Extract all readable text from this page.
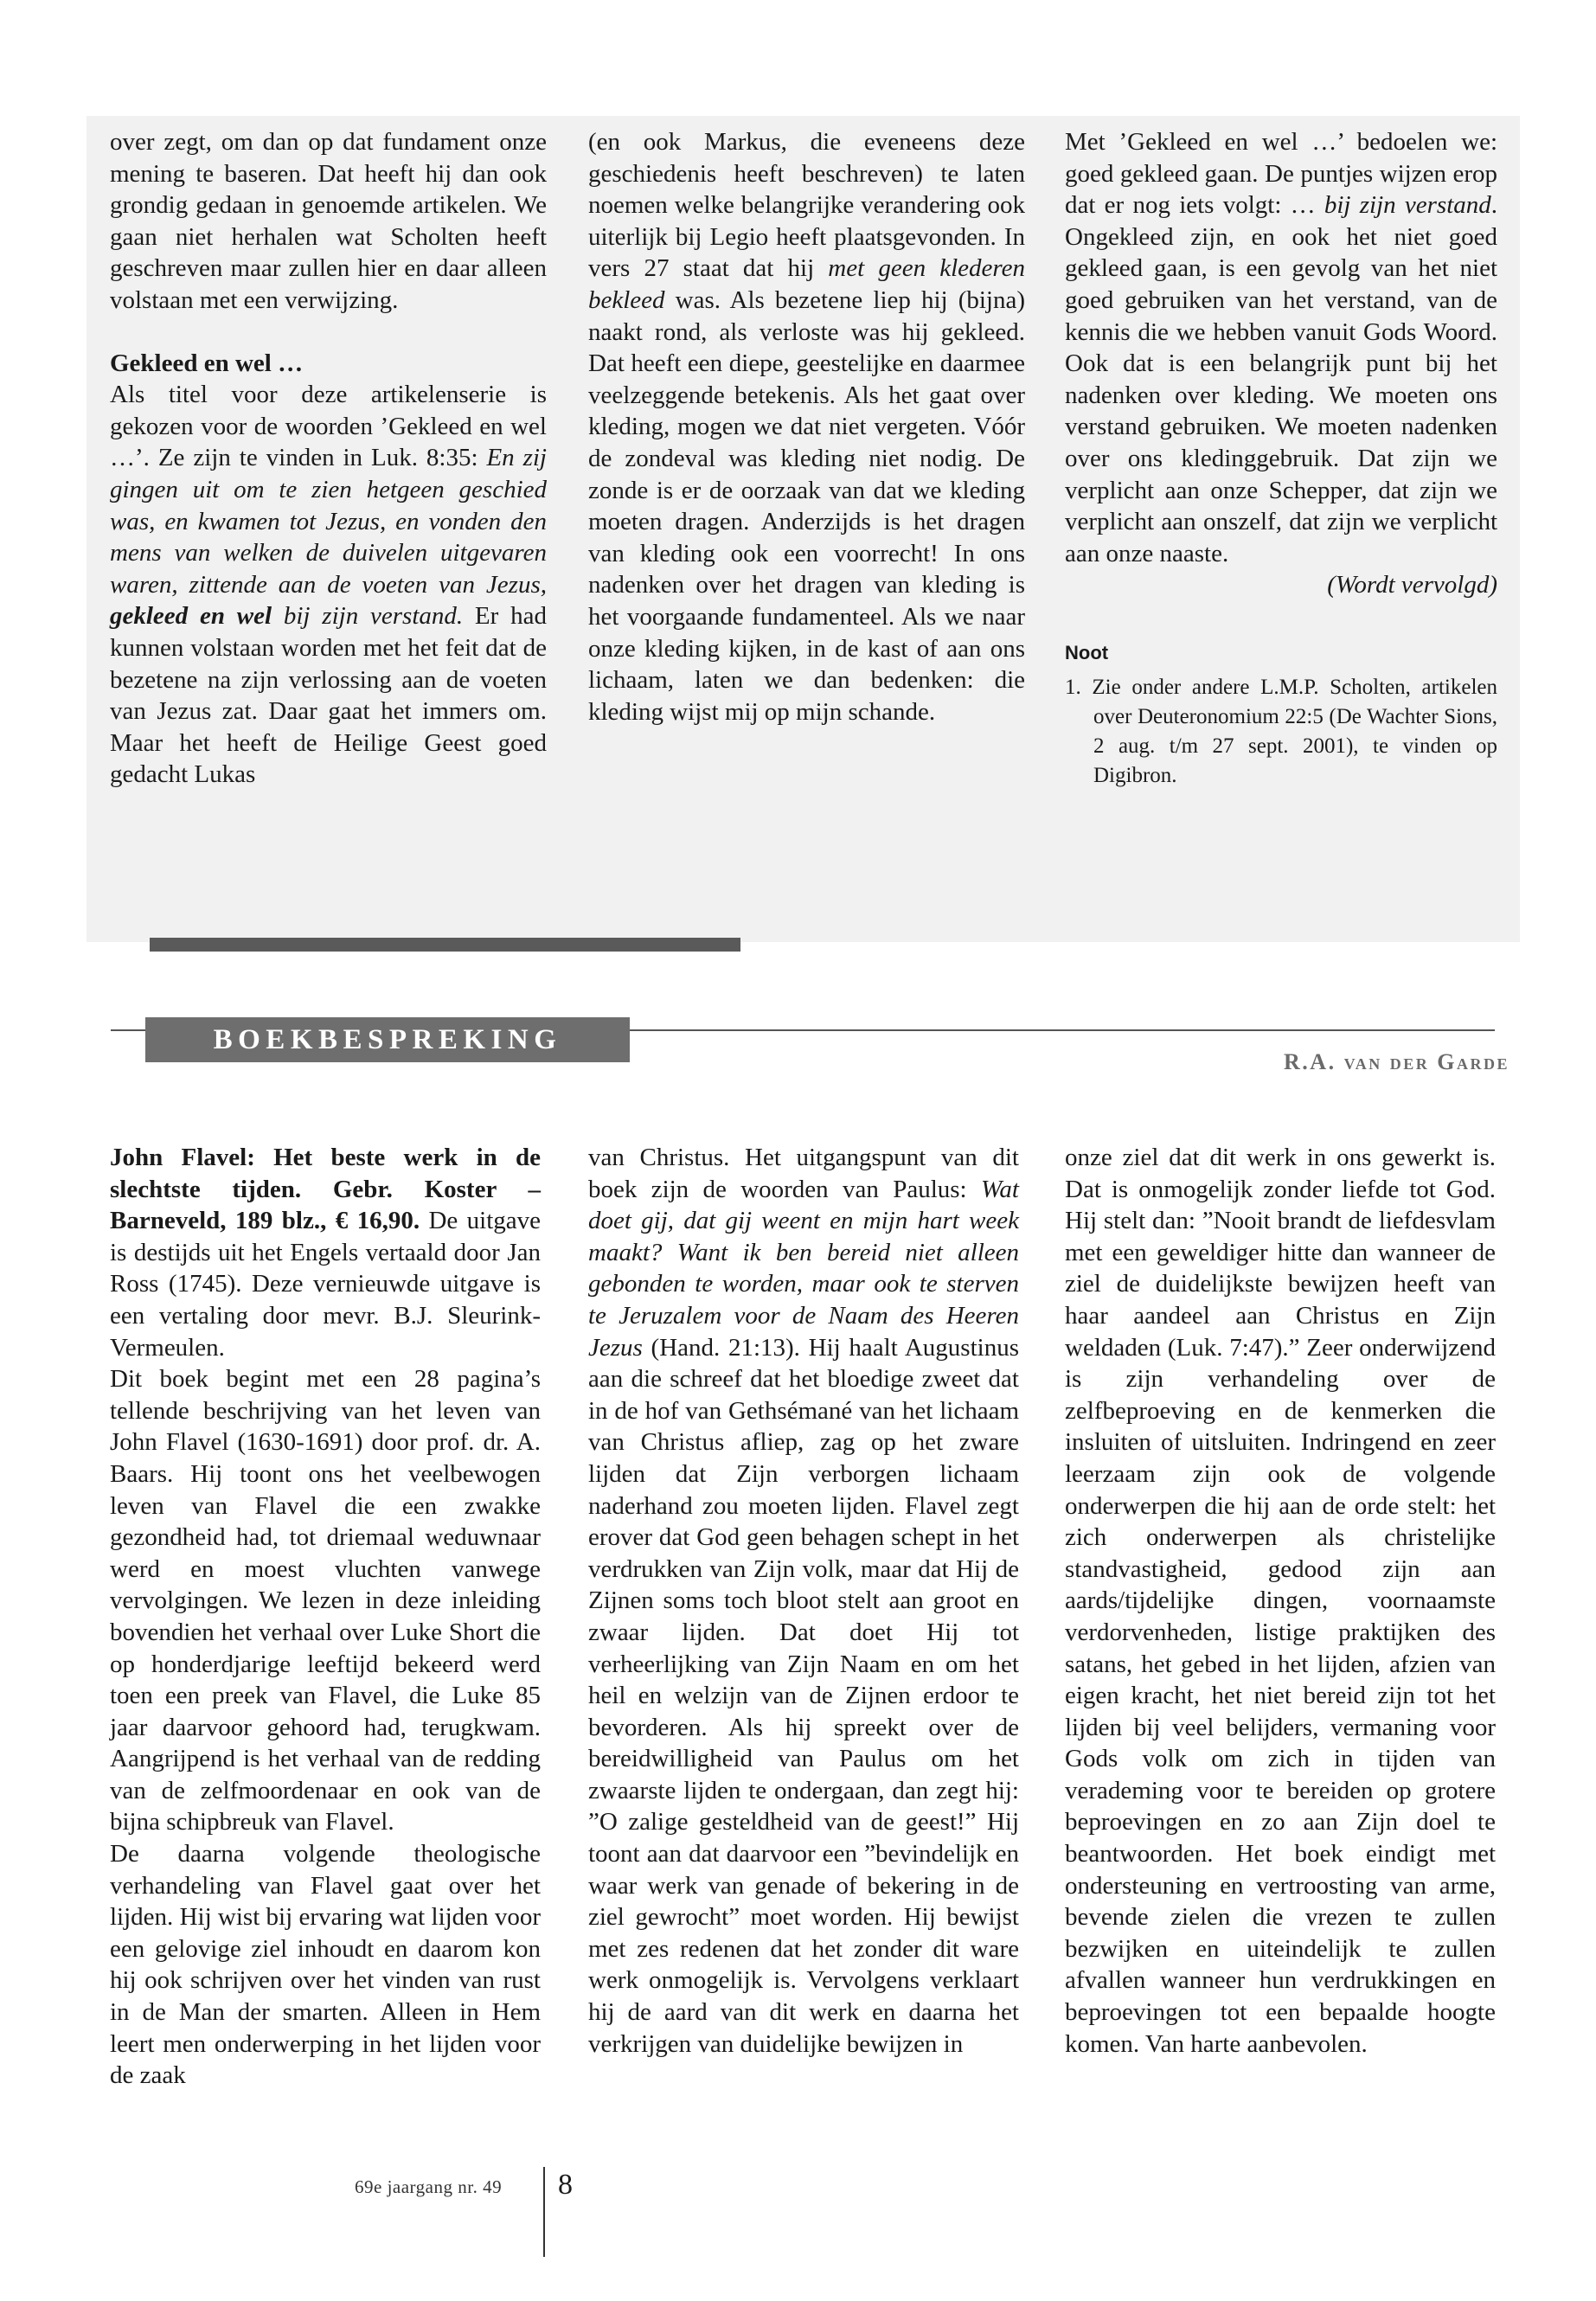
over zegt, om dan op dat fundament onze mening te baseren. Dat heeft hij dan ook grondig gedaan in genoemde artikelen. We gaan niet herhalen wat Scholten heeft geschreven maar zullen hier en daar alleen volstaan met een verwijzing.

Gekleed en wel …

Als titel voor deze artikelenserie is gekozen voor de woorden ’Gekleed en wel …’. Ze zijn te vinden in Luk. 8:35: En zij gingen uit om te zien hetgeen geschied was, en kwamen tot Jezus, en vonden den mens van welken de duivelen uitgevaren waren, zittende aan de voeten van Jezus, gekleed en wel bij zijn verstand. Er had kunnen volstaan worden met het feit dat de bezetene na zijn verlossing aan de voeten van Jezus zat. Daar gaat het immers om. Maar het heeft de Heilige Geest goed gedacht Lukas

(en ook Markus, die eveneens deze geschiedenis heeft beschreven) te laten noemen welke belangrijke verandering ook uiterlijk bij Legio heeft plaatsgevonden. In vers 27 staat dat hij met geen klederen bekleed was. Als bezetene liep hij (bijna) naakt rond, als verloste was hij gekleed. Dat heeft een diepe, geestelijke en daarmee veelzeggende betekenis. Als het gaat over kleding, mogen we dat niet vergeten. Vóór de zondeval was kleding niet nodig. De zonde is er de oorzaak van dat we kleding moeten dragen. Anderzijds is het dragen van kleding ook een voorrecht! In ons nadenken over het dragen van kleding is het voorgaande fundamenteel. Als we naar onze kleding kijken, in de kast of aan ons lichaam, laten we dan bedenken: die kleding wijst mij op mijn schande.

Met ’Gekleed en wel …’ bedoelen we: goed gekleed gaan. De puntjes wijzen erop dat er nog iets volgt: … bij zijn verstand. Ongekleed zijn, en ook het niet goed gekleed gaan, is een gevolg van het niet goed gebruiken van het verstand, van de kennis die we hebben vanuit Gods Woord. Ook dat is een belangrijk punt bij het nadenken over kleding. We moeten ons verstand gebruiken. We moeten nadenken over ons kledinggebruik. Dat zijn we verplicht aan onze Schepper, dat zijn we verplicht aan onszelf, dat zijn we verplicht aan onze naaste.

(Wordt vervolgd)

Noot
1. Zie onder andere L.M.P. Scholten, artikelen over Deuteronomium 22:5 (De Wachter Sions, 2 aug. t/m 27 sept. 2001), te vinden op Digibron.
BOEKBESPREKING
R.A. van der Garde

John Flavel: Het beste werk in de slechtste tijden. Gebr. Koster – Barneveld, 189 blz., € 16,90. De uitgave is destijds uit het Engels vertaald door Jan Ross (1745). Deze vernieuwde uitgave is een vertaling door mevr. B.J. Sleurink-Vermeulen.

Dit boek begint met een 28 pagina’s tellende beschrijving van het leven van John Flavel (1630-1691) door prof. dr. A. Baars. Hij toont ons het veelbewogen leven van Flavel die een zwakke gezondheid had, tot driemaal weduwnaar werd en moest vluchten vanwege vervolgingen. We lezen in deze inleiding bovendien het verhaal over Luke Short die op honderdjarige leeftijd bekeerd werd toen een preek van Flavel, die Luke 85 jaar daarvoor gehoord had, terugkwam. Aangrijpend is het verhaal van de redding van de zelfmoordenaar en ook van de bijna schipbreuk van Flavel.

De daarna volgende theologische verhandeling van Flavel gaat over het lijden. Hij wist bij ervaring wat lijden voor een gelovige ziel inhoudt en daarom kon hij ook schrijven over het vinden van rust in de Man der smarten. Alleen in Hem leert men onderwerping in het lijden voor de zaak

van Christus. Het uitgangspunt van dit boek zijn de woorden van Paulus: Wat doet gij, dat gij weent en mijn hart week maakt? Want ik ben bereid niet alleen gebonden te worden, maar ook te sterven te Jeruzalem voor de Naam des Heeren Jezus (Hand. 21:13). Hij haalt Augustinus aan die schreef dat het bloedige zweet dat in de hof van Gethsémané van het lichaam van Christus afliep, zag op het zware lijden dat Zijn verborgen lichaam naderhand zou moeten lijden. Flavel zegt erover dat God geen behagen schept in het verdrukken van Zijn volk, maar dat Hij de Zijnen soms toch bloot stelt aan groot en zwaar lijden. Dat doet Hij tot verheerlijking van Zijn Naam en om het heil en welzijn van de Zijnen erdoor te bevorderen. Als hij spreekt over de bereidwilligheid van Paulus om het zwaarste lijden te ondergaan, dan zegt hij: ”O zalige gesteldheid van de geest!” Hij toont aan dat daarvoor een ”bevindelijk en waar werk van genade of bekering in de ziel gewrocht” moet worden. Hij bewijst met zes redenen dat het zonder dit ware werk onmogelijk is. Vervolgens verklaart hij de aard van dit werk en daarna het verkrijgen van duidelijke bewijzen in

onze ziel dat dit werk in ons gewerkt is. Dat is onmogelijk zonder liefde tot God. Hij stelt dan: ”Nooit brandt de liefdesvlam met een geweldiger hitte dan wanneer de ziel de duidelijkste bewijzen heeft van haar aandeel aan Christus en Zijn weldaden (Luk. 7:47).” Zeer onderwijzend is zijn verhandeling over de zelfbeproeving en de kenmerken die insluiten of uitsluiten. Indringend en zeer leerzaam zijn ook de volgende onderwerpen die hij aan de orde stelt: het zich onderwerpen als christelijke standvastigheid, gedood zijn aan aards/tijdelijke dingen, voornaamste verdorvenheden, listige praktijken des satans, het gebed in het lijden, afzien van eigen kracht, het niet bereid zijn tot het lijden bij veel belijders, vermaning voor Gods volk om zich in tijden van verademing voor te bereiden op grotere beproevingen en zo aan Zijn doel te beantwoorden. Het boek eindigt met ondersteuning en vertroosting van arme, bevende zielen die vrezen te zullen bezwijken en uiteindelijk te zullen afvallen wanneer hun verdrukkingen en beproevingen tot een bepaalde hoogte komen. Van harte aanbevolen.

69e jaargang nr. 49 8
